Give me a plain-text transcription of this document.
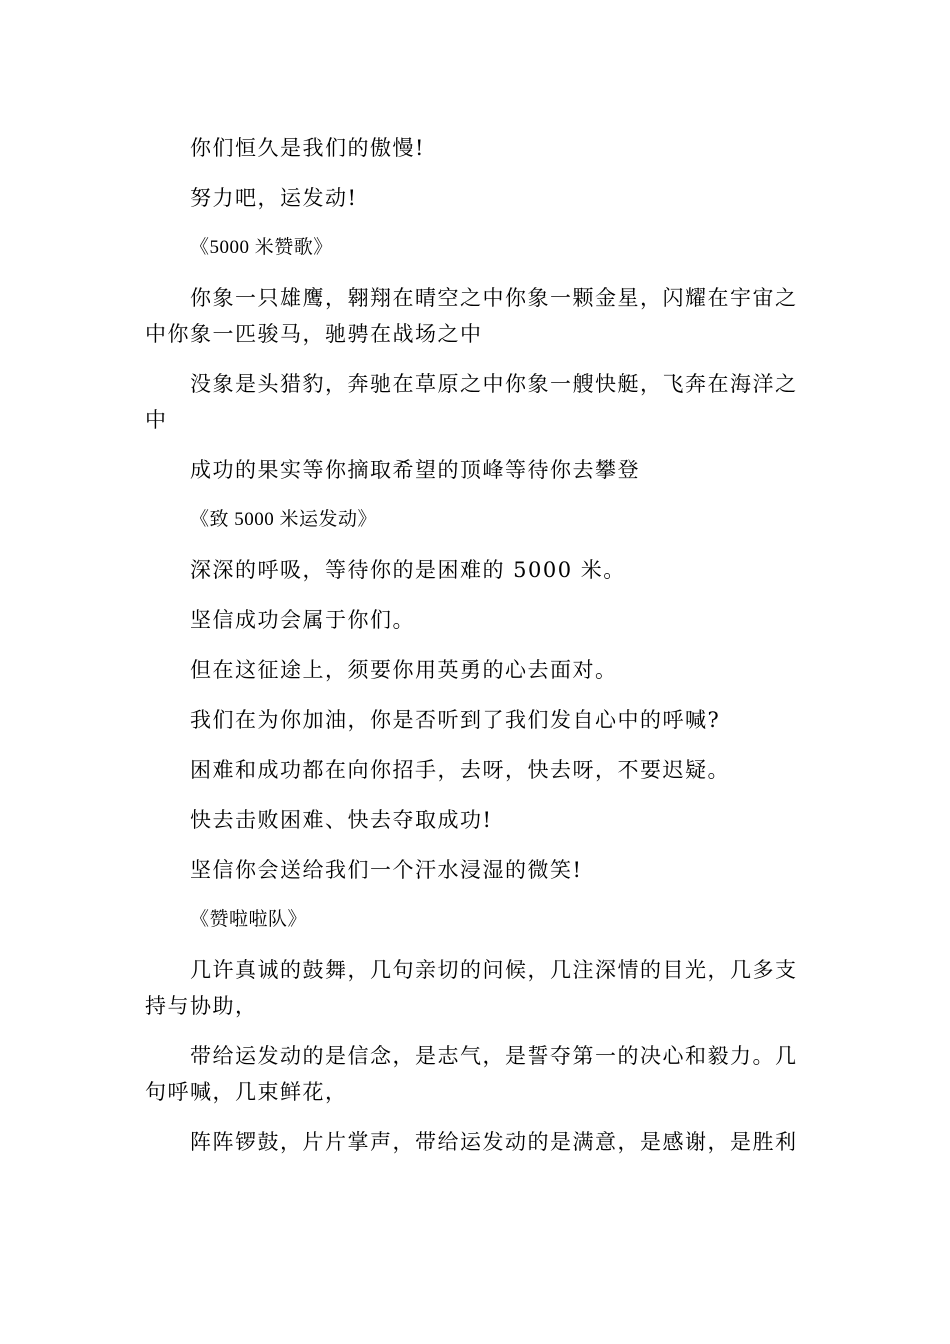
你们恒久是我们的傲慢!

努力吧，运发动!

《5000 米赞歌》

你象一只雄鹰，翱翔在晴空之中你象一颗金星，闪耀在宇宙之中你象一匹骏马，驰骋在战场之中

没象是头猎豹，奔驰在草原之中你象一艘快艇，飞奔在海洋之中

成功的果实等你摘取希望的顶峰等待你去攀登

《致 5000 米运发动》

深深的呼吸，等待你的是困难的 5000 米。

坚信成功会属于你们。

但在这征途上，须要你用英勇的心去面对。

我们在为你加油，你是否听到了我们发自心中的呼喊?

困难和成功都在向你招手，去呀，快去呀，不要迟疑。

快去击败困难、快去夺取成功!

坚信你会送给我们一个汗水浸湿的微笑!

《赞啦啦队》

几许真诚的鼓舞，几句亲切的问候，几注深情的目光，几多支持与协助，

带给运发动的是信念，是志气，是誓夺第一的决心和毅力。几句呼喊，几束鲜花，

阵阵锣鼓，片片掌声，带给运发动的是满意，是感谢，是胜利
